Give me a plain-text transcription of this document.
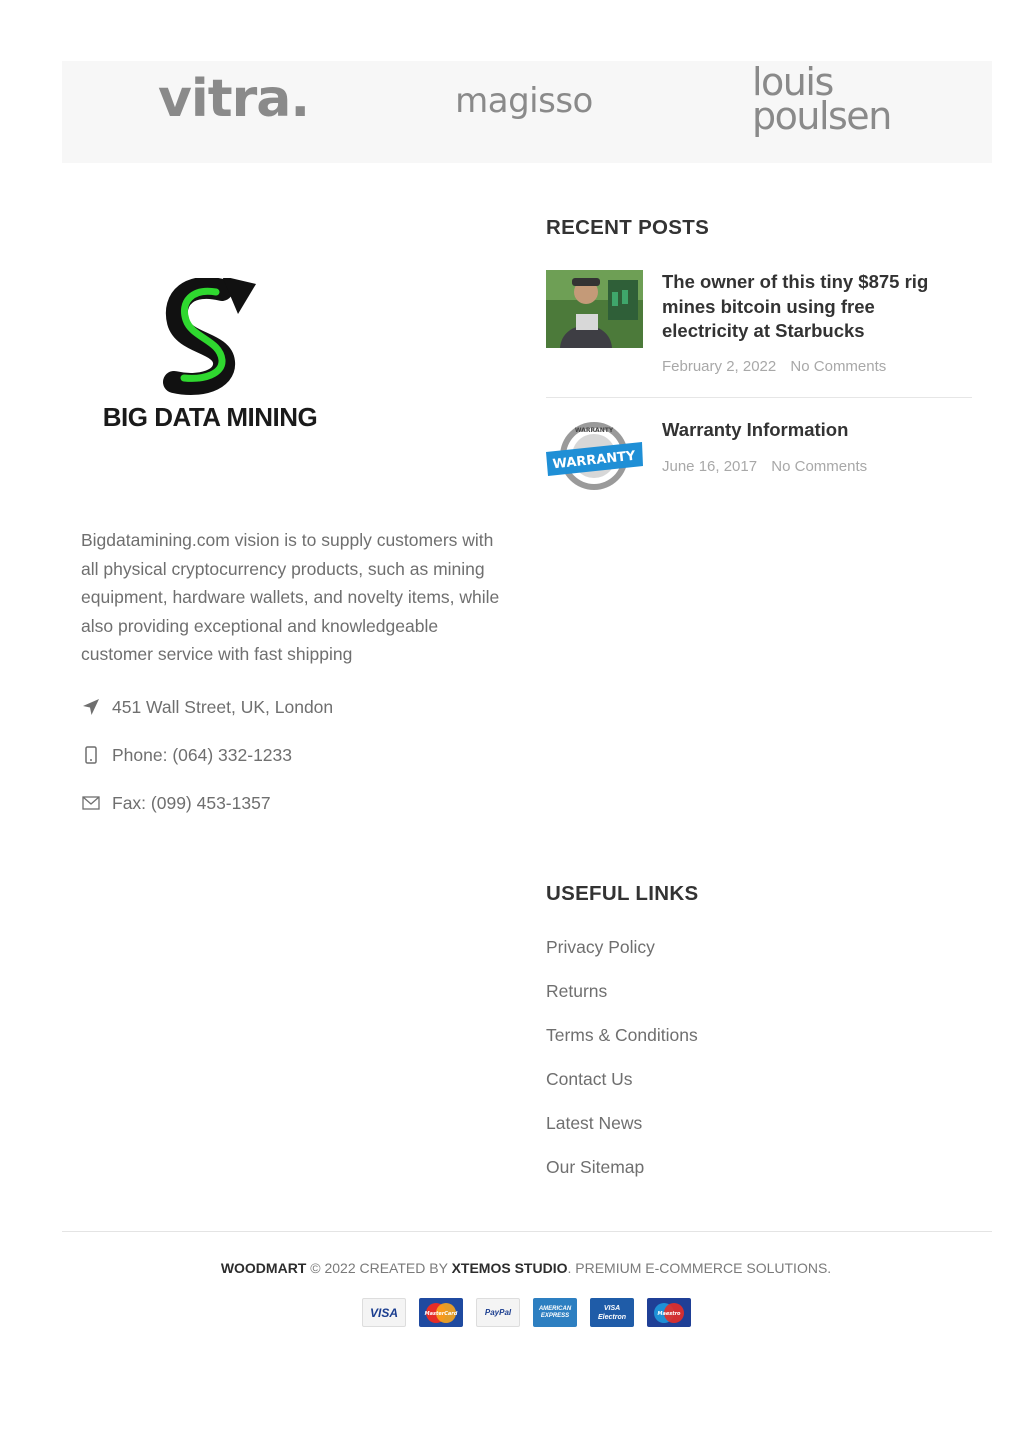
vitra.	magisso	louis
poulsen
BIG DATA MINING

Bigdatamining.com vision is to supply customers with all physical cryptocurrency products, such as mining equipment, hardware wallets, and novelty items, while also providing exceptional and knowledgeable customer service with fast shipping

451 Wall Street, UK, London
Phone: (064) 332-1233
Fax: (099) 453-1357
RECENT POSTS
The owner of this tiny $875 rig mines bitcoin using free electricity at Starbucks
February 2, 2022 No Comments
WARRANTY
WARRANTY	Warranty Information
June 16, 2017 No Comments
USEFUL LINKS
Privacy Policy
Returns
Terms & Conditions
Contact Us
Latest News
Our Sitemap
WOODMART © 2022 CREATED BY XTEMOS STUDIO. PREMIUM E-COMMERCE SOLUTIONS.
VISA	MasterCard	PayPal	AMERICAN EXPRESS
VISA Electron	Maestro
